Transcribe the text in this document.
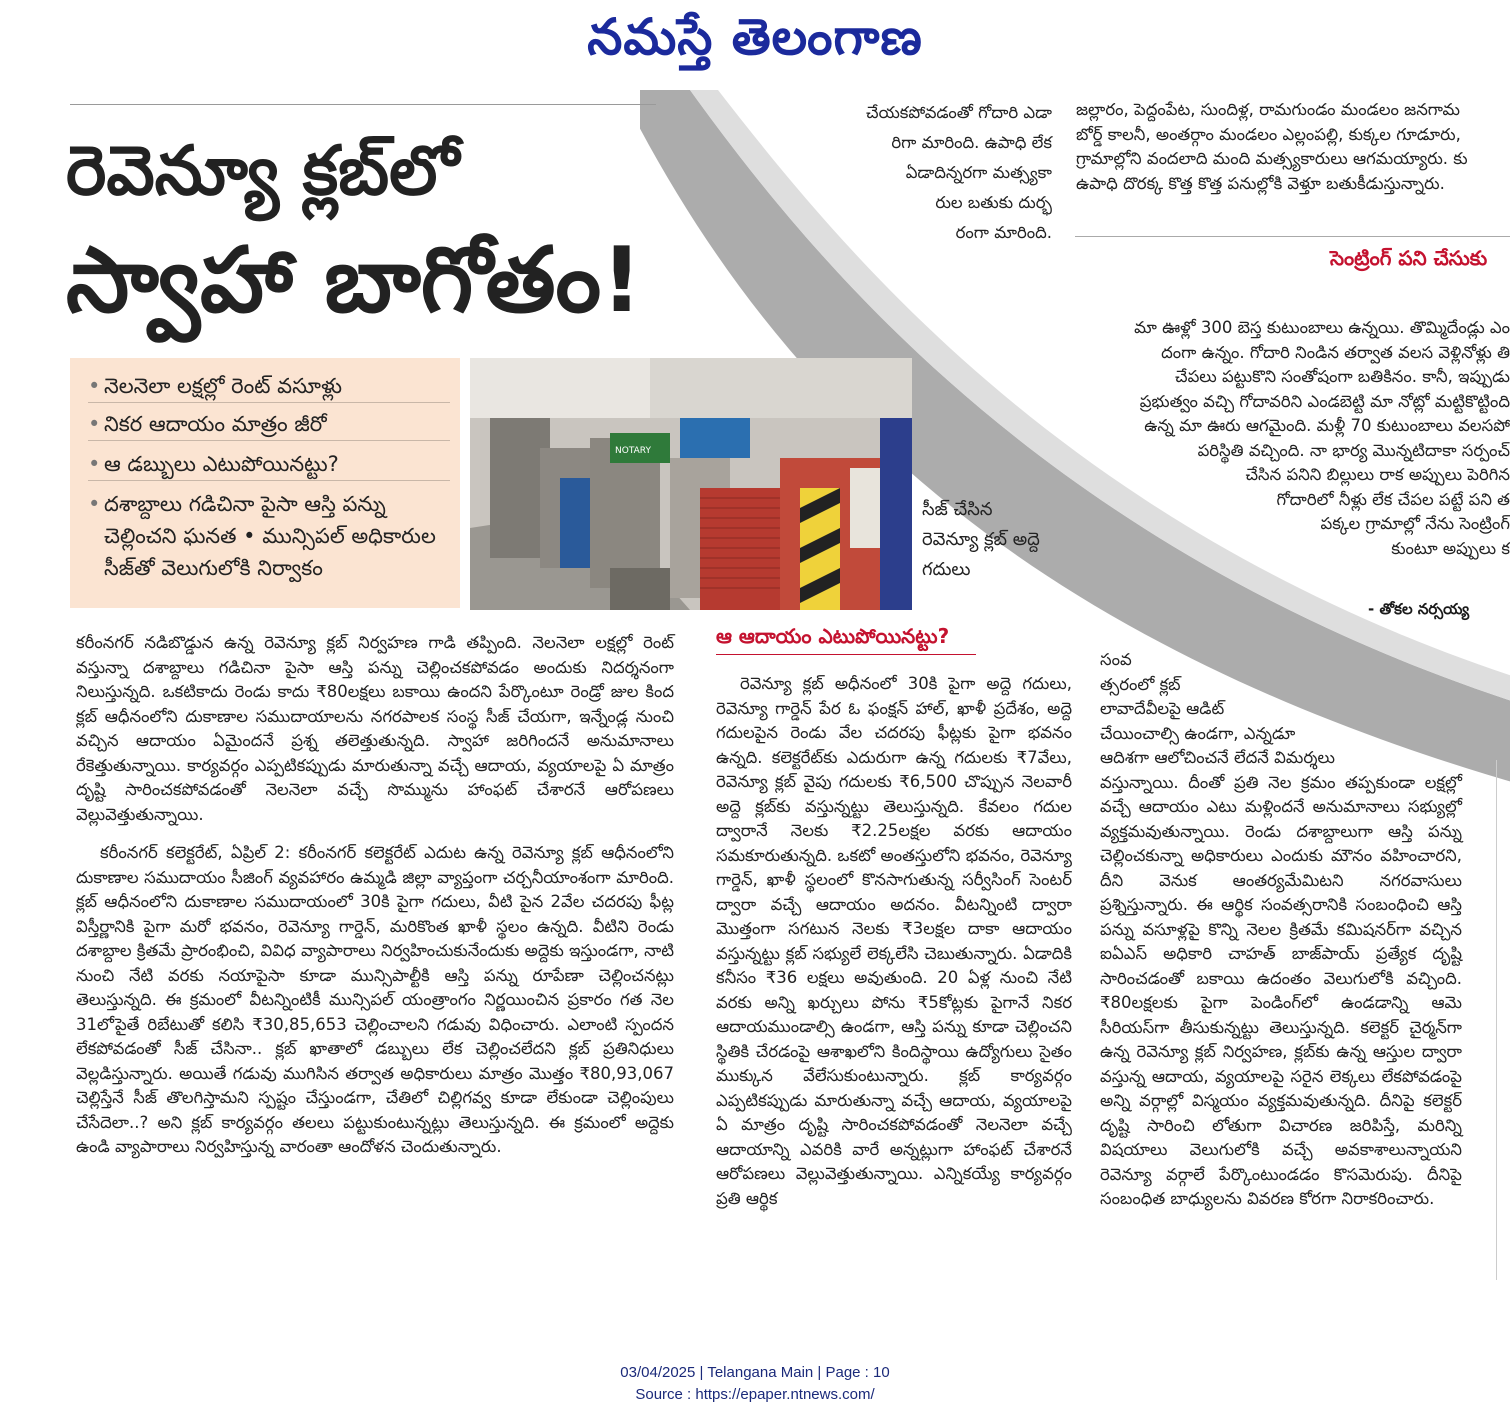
నమస్తే తెలంగాణ
రెవెన్యూ క్లబ్‌లో
స్వాహా బాగోతం!
• నెలనెలా లక్షల్లో రెంట్ వసూళ్లు
• నికర ఆదాయం మాత్రం జీరో
• ఆ డబ్బులు ఎటుపోయినట్టు?
• దశాబ్దాలు గడిచినా పైసా ఆస్తి పన్ను చెల్లించని ఘనత • మున్సిపల్ అధికారుల సీజ్‌తో వెలుగులోకి నిర్వాకం
NOTARY
సీజ్ చేసిన రెవెన్యూ క్లబ్ అద్దె గదులు
చేయకపోవడంతో గోదారి ఎడా
రిగా మారింది. ఉపాధి లేక
ఏడాదిన్నరగా మత్స్యకా
రుల బతుకు దుర్భ
రంగా మారింది.
జల్లారం, పెద్దంపేట, సుందిళ్ల, రామగుండం మండలం జనగామ
బోర్డ్ కాలనీ, అంతర్గాం మండలం ఎల్లంపల్లి, కుక్కల గూడూరు,
గ్రామాల్లోని వందలాది మంది మత్స్యకారులు ఆగమయ్యారు. కు
ఉపాధి దొరక్క కొత్త కొత్త పనుల్లోకి వెళ్తూ బతుకీడుస్తున్నారు.
సెంట్రింగ్ పని చేసుకు
మా ఊళ్లో 300 బెస్త కుటుంబాలు ఉన్నయి. తొమ్మిదేండ్లు ఎం
దంగా ఉన్నం. గోదారి నిండిన తర్వాత వలస వెళ్లినోళ్లు తి
చేపలు పట్టుకొని సంతోషంగా బతికినం. కానీ, ఇప్పుడు
ప్రభుత్వం వచ్చి గోదావరిని ఎండబెట్టి మా నోట్లో మట్టికొట్టింది
ఉన్న మా ఊరు ఆగమైంది. మళ్లీ 70 కుటుంబాలు వలసపో
పరిస్థితి వచ్చింది. నా భార్య మొన్నటిదాకా సర్పంచ్
చేసిన పనిని బిల్లులు రాక అప్పులు పెరిగిన
గోదారిలో నీళ్లు లేక చేపల పట్టే పని త
పక్కల గ్రామాల్లో నేను సెంట్రింగ్
కుంటూ అప్పులు క
- తోకల నర్సయ్య

కరీంనగర్ నడిబొడ్డున ఉన్న రెవెన్యూ క్లబ్ నిర్వహణ గాడి తప్పింది. నెలనెలా లక్షల్లో రెంట్ వస్తున్నా దశాబ్దాలు గడిచినా పైసా ఆస్తి పన్ను చెల్లించకపోవడం అందుకు నిదర్శనంగా నిలుస్తున్నది. ఒకటికాదు రెండు కాదు ₹80లక్షలు బకాయి ఉందని పేర్కొంటూ రెండ్రో జుల కింద క్లబ్ ఆధీనంలోని దుకాణాల సముదాయాలను నగరపాలక సంస్థ సీజ్ చేయగా, ఇన్నేండ్ల నుంచి వచ్చిన ఆదాయం ఏమైందనే ప్రశ్న తలెత్తుతున్నది. స్వాహా జరిగిందనే అనుమానాలు రేకెత్తుతున్నాయి. కార్యవర్గం ఎప్పటికప్పుడు మారుతున్నా వచ్చే ఆదాయ, వ్యయాలపై ఏ మాత్రం దృష్టి సారించకపోవడంతో నెలనెలా వచ్చే సొమ్మును హాంఫట్ చేశారనే ఆరోపణలు వెల్లువెత్తుతున్నాయి.

కరీంనగర్ కలెక్టరేట్, ఏప్రిల్ 2: కరీంనగర్ కలెక్టరేట్ ఎదుట ఉన్న రెవెన్యూ క్లబ్ ఆధీనంలోని దుకాణాల సముదాయం సీజింగ్ వ్యవహారం ఉమ్మడి జిల్లా వ్యాప్తంగా చర్చనీయాంశంగా మారింది. క్లబ్ ఆధీనంలోని దుకాణాల సముదాయంలో 30కి పైగా గదులు, వీటి పైన 2వేల చదరపు ఫీట్ల విస్తీర్ణానికి పైగా మరో భవనం, రెవెన్యూ గార్డెన్, మరికొంత ఖాళీ స్థలం ఉన్నది. వీటిని రెండు దశాబ్దాల క్రితమే ప్రారంభించి, వివిధ వ్యాపారాలు నిర్వహించుకునేందుకు అద్దెకు ఇస్తుండగా, నాటి నుంచి నేటి వరకు నయాపైసా కూడా మున్సిపాల్టీకి ఆస్తి పన్ను రూపేణా చెల్లించనట్లు తెలుస్తున్నది. ఈ క్రమంలో వీటన్నింటికీ మున్సిపల్ యంత్రాంగం నిర్ణయించిన ప్రకారం గత నెల 31లోపైతే రిబేటుతో కలిసి ₹30,85,653 చెల్లించాలని గడువు విధించారు. ఎలాంటి స్పందన లేకపోవడంతో సీజ్ చేసినా.. క్లబ్ ఖాతాలో డబ్బులు లేక చెల్లించలేదని క్లబ్ ప్రతినిధులు వెల్లడిస్తున్నారు. అయితే గడువు ముగిసిన తర్వాత అధికారులు మాత్రం మొత్తం ₹80,93,067 చెల్లిస్తేనే సీజ్ తొలగిస్తామని స్పష్టం చేస్తుండగా, చేతిలో చిల్లిగవ్వ కూడా లేకుండా చెల్లింపులు చేసేదెలా..? అని క్లబ్ కార్యవర్గం తలలు పట్టుకుంటున్నట్లు తెలుస్తున్నది. ఈ క్రమంలో అద్దెకు ఉండి వ్యాపారాలు నిర్వహిస్తున్న వారంతా ఆందోళన చెందుతున్నారు.

ఆ ఆదాయం ఎటుపోయినట్టు?
రెవెన్యూ క్లబ్ అధీనంలో 30కి పైగా అద్దె గదులు, రెవెన్యూ గార్డెన్ పేర ఓ ఫంక్షన్ హాల్, ఖాళీ ప్రదేశం, అద్దె గదులపైన రెండు వేల చదరపు ఫీట్లకు పైగా భవనం ఉన్నది. కలెక్టరేట్‌కు ఎదురుగా ఉన్న గదులకు ₹7వేలు, రెవెన్యూ క్లబ్ వైపు గదులకు ₹6,500 చొప్పున నెలవారీ అద్దె క్లబ్‌కు వస్తున్నట్టు తెలుస్తున్నది. కేవలం గదుల ద్వారానే నెలకు ₹2.25లక్షల వరకు ఆదాయం సమకూరుతున్నది. ఒకటో అంతస్తులోని భవనం, రెవెన్యూ గార్డెన్, ఖాళీ స్థలంలో కొనసాగుతున్న సర్వీసింగ్ సెంటర్ ద్వారా వచ్చే ఆదాయం అదనం. వీటన్నింటి ద్వారా మొత్తంగా సగటున నెలకు ₹3లక్షల దాకా ఆదాయం వస్తున్నట్టు క్లబ్ సభ్యులే లెక్కలేసి చెబుతున్నారు. ఏడాదికి కనీసం ₹36 లక్షలు అవుతుంది. 20 ఏళ్ల నుంచి నేటి వరకు అన్ని ఖర్చులు పోను ₹5కోట్లకు పైగానే నికర ఆదాయముండాల్సి ఉండగా, ఆస్తి పన్ను కూడా చెల్లించని స్థితికి చేరడంపై ఆశాఖలోని కిందిస్థాయి ఉద్యోగులు సైతం ముక్కున వేలేసుకుంటున్నారు. క్లబ్ కార్యవర్గం ఎప్పటికప్పుడు మారుతున్నా వచ్చే ఆదాయ, వ్యయాలపై ఏ మాత్రం దృష్టి సారించకపోవడంతో నెలనెలా వచ్చే ఆదాయాన్ని ఎవరికి వారే అన్నట్లుగా హాంఫట్ చేశారనే ఆరోపణలు వెల్లువెత్తుతున్నాయి. ఎన్నికయ్యే కార్యవర్గం ప్రతి ఆర్థిక
సంవ
త్సరంలో క్లబ్
లావాదేవీలపై ఆడిట్
చేయించాల్సి ఉండగా, ఎన్నడూ
ఆదిశగా ఆలోచించనే లేదనే విమర్శలు

వస్తున్నాయి. దీంతో ప్రతి నెల క్రమం తప్పకుండా లక్షల్లో వచ్చే ఆదాయం ఎటు మళ్లిందనే అనుమానాలు సభ్యుల్లో వ్యక్తమవుతున్నాయి. రెండు దశాబ్దాలుగా ఆస్తి పన్ను చెల్లించకున్నా అధికారులు ఎందుకు మౌనం వహించారని, దీని వెనుక ఆంతర్యమేమిటని నగరవాసులు ప్రశ్నిస్తున్నారు. ఈ ఆర్థిక సంవత్సరానికి సంబంధించి ఆస్తి పన్ను వసూళ్లపై కొన్ని నెలల క్రితమే కమిషనర్‌గా వచ్చిన ఐఏఎస్ అధికారి చాహత్ బాజ్‌పాయ్ ప్రత్యేక దృష్టి సారించడంతో బకాయి ఉదంతం వెలుగులోకి వచ్చింది. ₹80లక్షలకు పైగా పెండింగ్‌లో ఉండడాన్ని ఆమె సీరియస్‌గా తీసుకున్నట్టు తెలుస్తున్నది. కలెక్టర్ చైర్మన్‌గా ఉన్న రెవెన్యూ క్లబ్ నిర్వహణ, క్లబ్‌కు ఉన్న ఆస్తుల ద్వారా వస్తున్న ఆదాయ, వ్యయాలపై సరైన లెక్కలు లేకపోవడంపై అన్ని వర్గాల్లో విస్మయం వ్యక్తమవుతున్నది. దీనిపై కలెక్టర్ దృష్టి సారించి లోతుగా విచారణ జరిపిస్తే, మరిన్ని విషయాలు వెలుగులోకి వచ్చే అవకాశాలున్నాయని రెవెన్యూ వర్గాలే పేర్కొంటుండడం కొసమెరుపు. దీనిపై సంబంధిత బాధ్యులను వివరణ కోరగా నిరాకరించారు.

03/04/2025 | Telangana Main | Page : 10
Source : https://epaper.ntnews.com/
